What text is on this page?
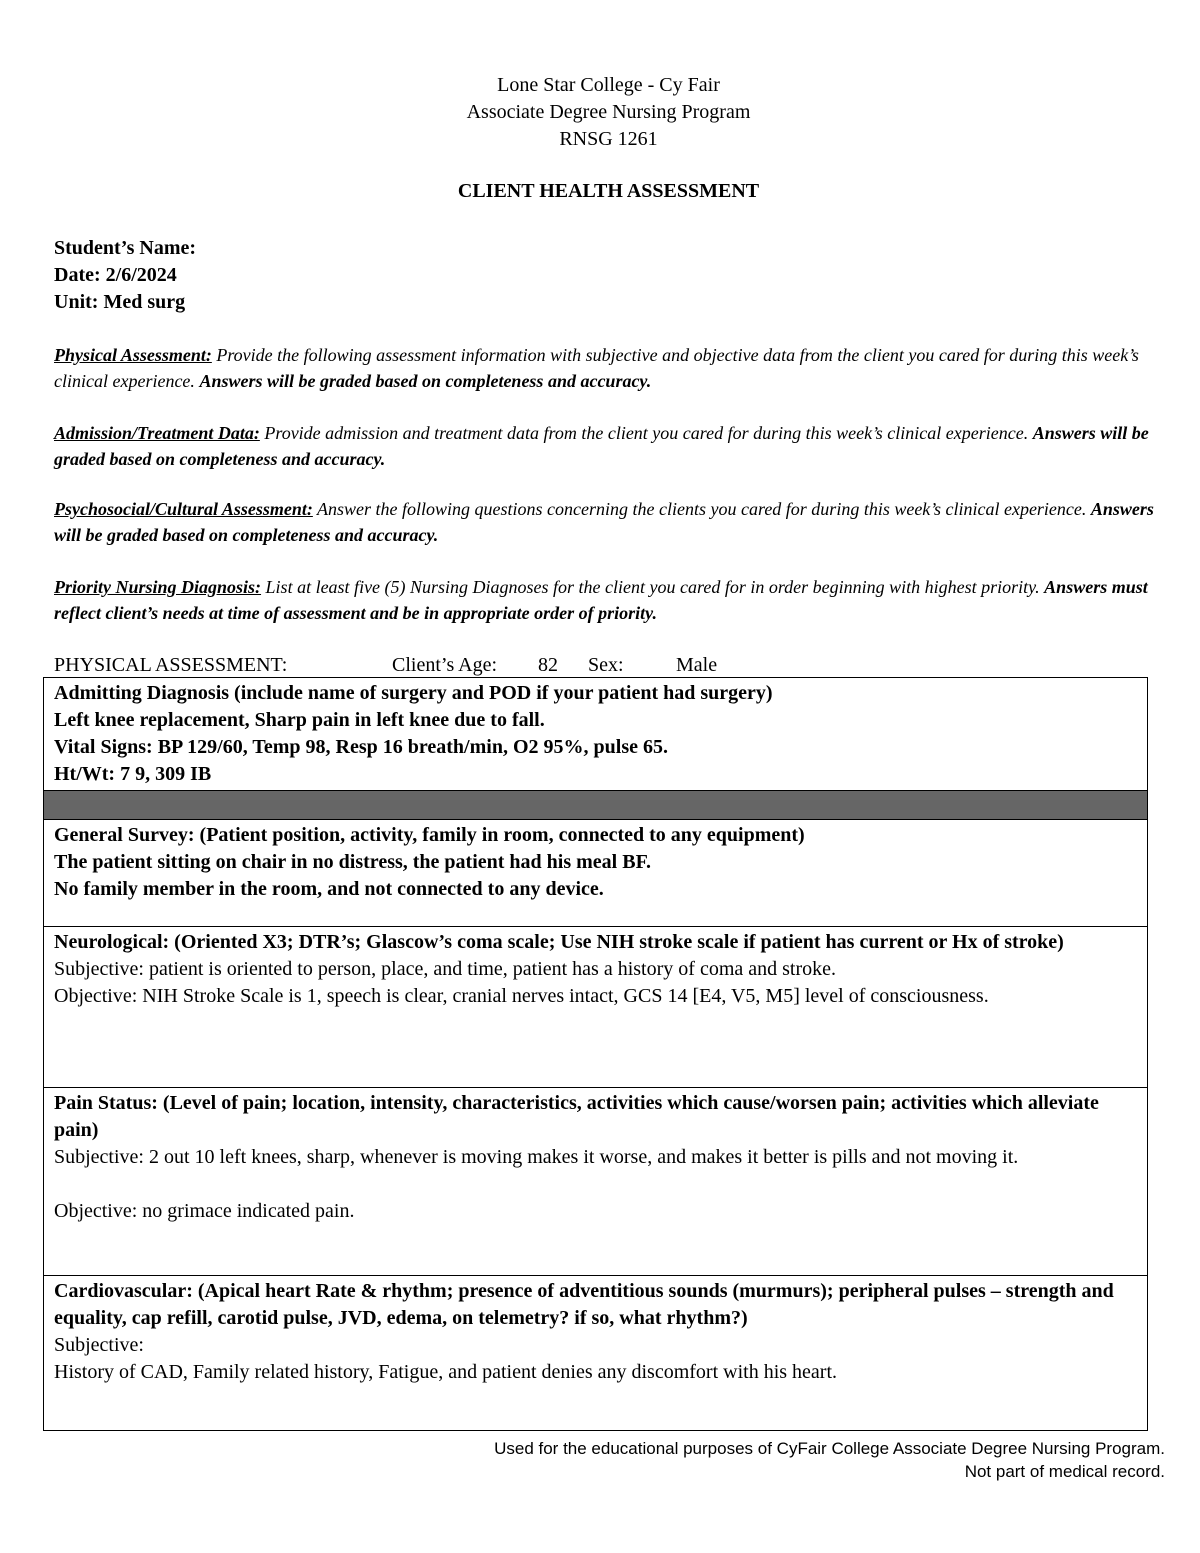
Lone Star College - Cy Fair
Associate Degree Nursing Program
RNSG 1261
CLIENT HEALTH ASSESSMENT
Student’s Name:
Date: 2/6/2024
Unit: Med surg
Physical Assessment: Provide the following assessment information with subjective and objective data from the client you cared for during this week’s clinical experience. Answers will be graded based on completeness and accuracy.
Admission/Treatment Data: Provide admission and treatment data from the client you cared for during this week’s clinical experience. Answers will be graded based on completeness and accuracy.
Psychosocial/Cultural Assessment: Answer the following questions concerning the clients you cared for during this week’s clinical experience. Answers will be graded based on completeness and accuracy.
Priority Nursing Diagnosis: List at least five (5) Nursing Diagnoses for the client you cared for in order beginning with highest priority. Answers must reflect client’s needs at time of assessment and be in appropriate order of priority.
PHYSICAL ASSESSMENT:	Client’s Age: 82 Sex:	Male
Admitting Diagnosis (include name of surgery and POD if your patient had surgery)
Left knee replacement, Sharp pain in left knee due to fall.
Vital Signs: BP 129/60, Temp 98, Resp 16 breath/min, O2 95%, pulse 65.
Ht/Wt: 7 9, 309 IB

General Survey: (Patient position, activity, family in room, connected to any equipment)
The patient sitting on chair in no distress, the patient had his meal BF.
No family member in the room, and not connected to any device.

Neurological: (Oriented X3; DTR’s; Glascow’s coma scale; Use NIH stroke scale if patient has current or Hx of stroke)
Subjective: patient is oriented to person, place, and time, patient has a history of coma and stroke.
Objective: NIH Stroke Scale is 1, speech is clear, cranial nerves intact, GCS 14 [E4, V5, M5] level of consciousness.

Pain Status: (Level of pain; location, intensity, characteristics, activities which cause/worsen pain; activities which alleviate pain)
Subjective: 2 out 10 left knees, sharp, whenever is moving makes it worse, and makes it better is pills and not moving it.
Objective: no grimace indicated pain.

Cardiovascular: (Apical heart Rate & rhythm; presence of adventitious sounds (murmurs); peripheral pulses – strength and equality, cap refill, carotid pulse, JVD, edema, on telemetry? if so, what rhythm?)
Subjective:
History of CAD, Family related history, Fatigue, and patient denies any discomfort with his heart.
Used for the educational purposes of CyFair College Associate Degree Nursing Program.
Not part of medical record.
